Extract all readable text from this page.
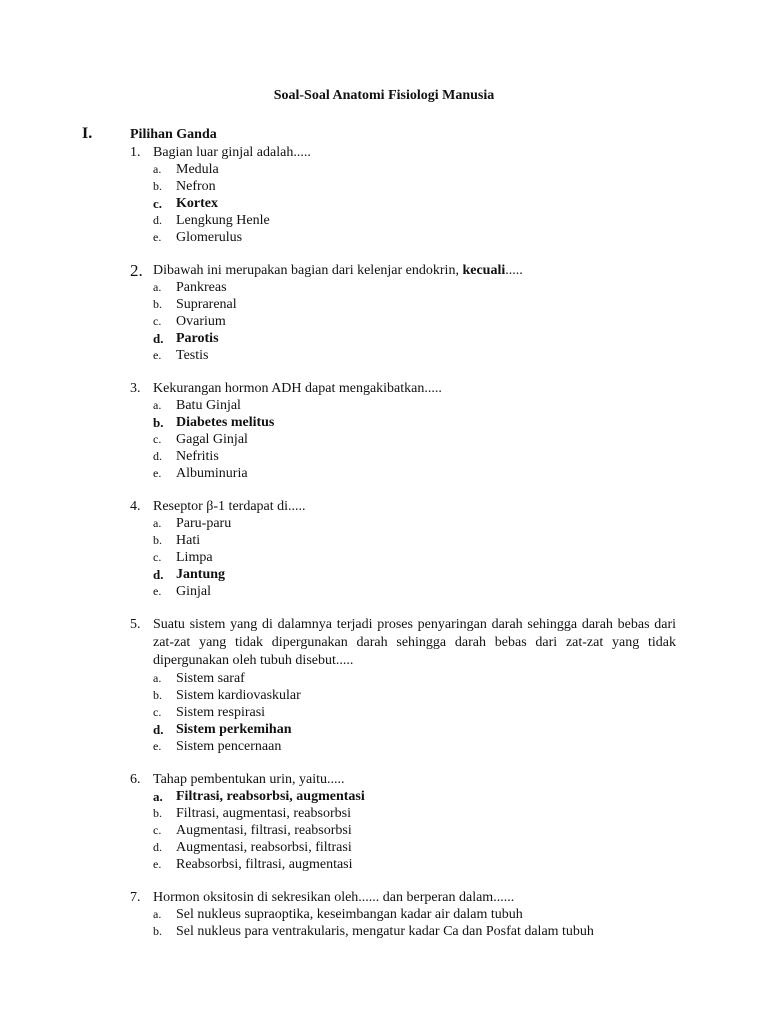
Soal-Soal Anatomi Fisiologi Manusia
I.	Pilihan Ganda
1. Bagian luar ginjal adalah.....
a.	Medula
b.	Nefron
c. Kortex
d.	Lengkung Henle
e.	Glomerulus
2. Dibawah ini merupakan bagian dari kelenjar endokrin, kecuali.....
a.	Pankreas
b.	Suprarenal
c.	Ovarium
d. Parotis
e.	Testis
3. Kekurangan hormon ADH dapat mengakibatkan.....
a.	Batu Ginjal
b. Diabetes melitus
c.	Gagal Ginjal
d.	Nefritis
e.	Albuminuria
4. Reseptor β-1 terdapat di.....
a.	Paru-paru
b.	Hati
c.	Limpa
d. Jantung
e.	Ginjal
5. Suatu sistem yang di dalamnya terjadi proses penyaringan darah sehingga darah bebas dari zat-zat yang tidak dipergunakan darah sehingga darah bebas dari zat-zat yang tidak dipergunakan oleh tubuh disebut.....
a.	Sistem saraf
b.	Sistem kardiovaskular
c.	Sistem respirasi
d. Sistem perkemihan
e.	Sistem pencernaan
6. Tahap pembentukan urin, yaitu.....
a. Filtrasi, reabsorbsi, augmentasi
b.	Filtrasi, augmentasi, reabsorbsi
c.	Augmentasi, filtrasi, reabsorbsi
d.	Augmentasi, reabsorbsi, filtrasi
e.	Reabsorbsi, filtrasi, augmentasi
7. Hormon oksitosin di sekresikan oleh...... dan berperan dalam......
a.	Sel nukleus supraoptika, keseimbangan kadar air dalam tubuh
b.	Sel nukleus para ventrakularis, mengatur kadar Ca dan Posfat dalam tubuh
